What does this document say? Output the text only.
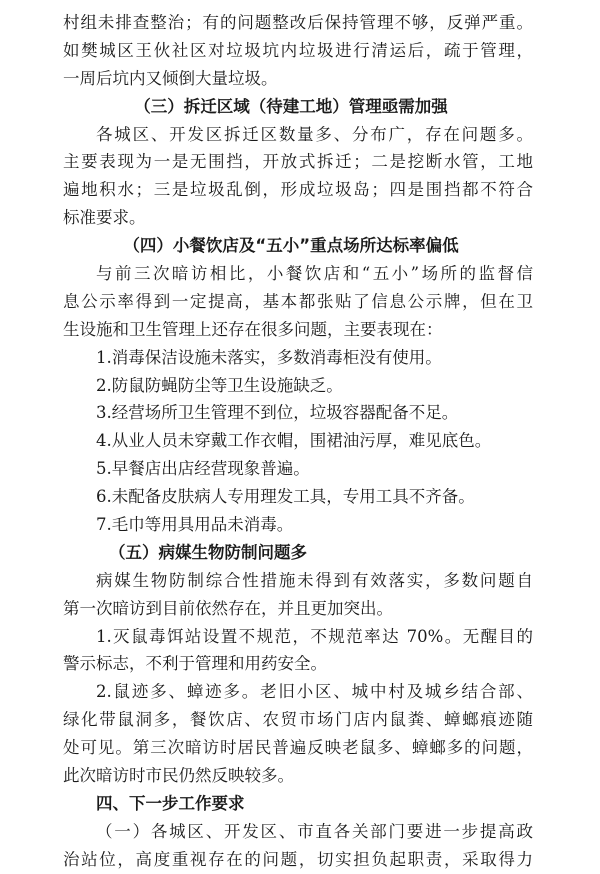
村组未排查整治；有的问题整改后保持管理不够，反弹严重。
如樊城区王伙社区对垃圾坑内垃圾进行清运后，疏于管理，
一周后坑内又倾倒大量垃圾。
（三）拆迁区域（待建工地）管理亟需加强
各城区、开发区拆迁区数量多、分布广，存在问题多。
主要表现为一是无围挡，开放式拆迁；二是挖断水管，工地
遍地积水；三是垃圾乱倒，形成垃圾岛；四是围挡都不符合
标准要求。
（四）小餐饮店及“五小”重点场所达标率偏低
与前三次暗访相比，小餐饮店和“五小”场所的监督信
息公示率得到一定提高，基本都张贴了信息公示牌，但在卫
生设施和卫生管理上还存在很多问题，主要表现在：
1.消毒保洁设施未落实，多数消毒柜没有使用。
2.防鼠防蝇防尘等卫生设施缺乏。
3.经营场所卫生管理不到位，垃圾容器配备不足。
4.从业人员未穿戴工作衣帽，围裙油污厚，难见底色。
5.早餐店出店经营现象普遍。
6.未配备皮肤病人专用理发工具，专用工具不齐备。
7.毛巾等用具用品未消毒。
（五）病媒生物防制问题多
病媒生物防制综合性措施未得到有效落实，多数问题自
第一次暗访到目前依然存在，并且更加突出。
1.灭鼠毒饵站设置不规范，不规范率达 70%。无醒目的
警示标志，不利于管理和用药安全。
2.鼠迹多、蟑迹多。老旧小区、城中村及城乡结合部、
绿化带鼠洞多，餐饮店、农贸市场门店内鼠粪、蟑螂痕迹随
处可见。第三次暗访时居民普遍反映老鼠多、蟑螂多的问题，
此次暗访时市民仍然反映较多。
四、下一步工作要求
（一）各城区、开发区、市直各关部门要进一步提高政
治站位，高度重视存在的问题，切实担负起职责，采取得力
